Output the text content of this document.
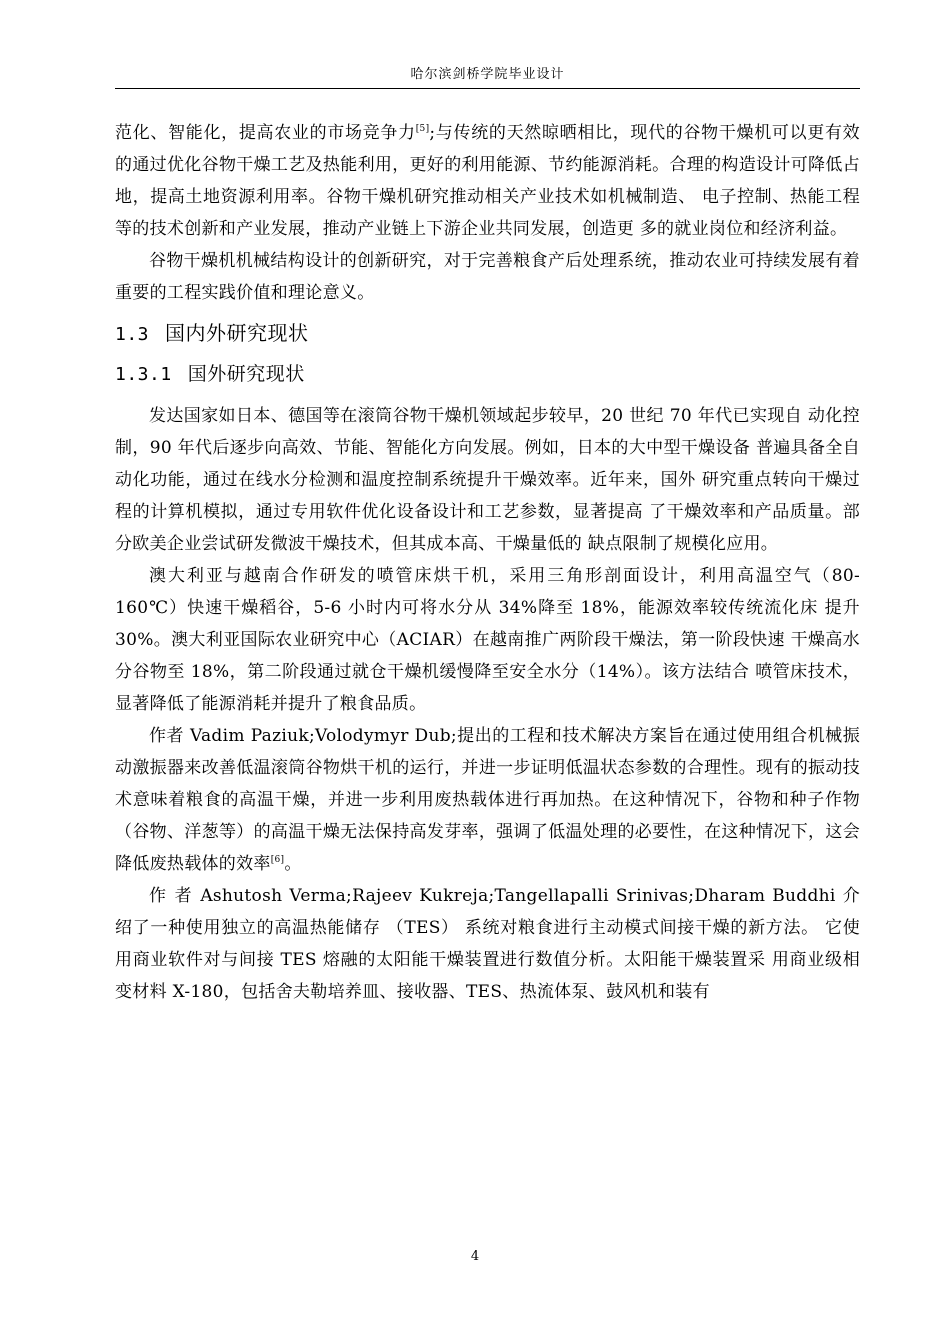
哈尔滨剑桥学院毕业设计

范化、智能化，提高农业的市场竞争力[5];与传统的天然晾晒相比，现代的谷物干燥机可以更有效的通过优化谷物干燥工艺及热能利用，更好的利用能源、节约能源消耗。合理的构造设计可降低占地，提高土地资源利用率。谷物干燥机研究推动相关产业技术如机械制造、 电子控制、热能工程等的技术创新和产业发展，推动产业链上下游企业共同发展，创造更 多的就业岗位和经济利益。

谷物干燥机机械结构设计的创新研究，对于完善粮食产后处理系统，推动农业可持续发展有着重要的工程实践价值和理论意义。

1.3 国内外研究现状
1.3.1 国外研究现状

发达国家如日本、德国等在滚筒谷物干燥机领域起步较早，20 世纪 70 年代已实现自 动化控制，90 年代后逐步向高效、节能、智能化方向发展。例如，日本的大中型干燥设备 普遍具备全自动化功能，通过在线水分检测和温度控制系统提升干燥效率。近年来，国外 研究重点转向干燥过程的计算机模拟，通过专用软件优化设备设计和工艺参数，显著提高 了干燥效率和产品质量。部分欧美企业尝试研发微波干燥技术，但其成本高、干燥量低的 缺点限制了规模化应用。

澳大利亚与越南合作研发的喷管床烘干机，采用三角形剖面设计，利用高温空气（80-160℃）快速干燥稻谷，5-6 小时内可将水分从 34%降至 18%，能源效率较传统流化床 提升 30%。澳大利亚国际农业研究中心（ACIAR）在越南推广两阶段干燥法，第一阶段快速 干燥高水分谷物至 18%，第二阶段通过就仓干燥机缓慢降至安全水分（14%）。该方法结合 喷管床技术，显著降低了能源消耗并提升了粮食品质。

作者 Vadim Paziuk;Volodymyr Dub;提出的工程和技术解决方案旨在通过使用组合机械振动激振器来改善低温滚筒谷物烘干机的运行，并进一步证明低温状态参数的合理性。现有的振动技术意味着粮食的高温干燥，并进一步利用废热载体进行再加热。在这种情况下，谷物和种子作物（谷物、洋葱等）的高温干燥无法保持高发芽率，强调了低温处理的必要性，在这种情况下，这会降低废热载体的效率[6]。

作 者 Ashutosh Verma;Rajeev Kukreja;Tangellapalli Srinivas;Dharam Buddhi 介 绍了一种使用独立的高温热能储存 （TES） 系统对粮食进行主动模式间接干燥的新方法。 它使用商业软件对与间接 TES 熔融的太阳能干燥装置进行数值分析。太阳能干燥装置采 用商业级相变材料 X-180，包括舍夫勒培养皿、接收器、TES、热流体泵、鼓风机和装有

4
